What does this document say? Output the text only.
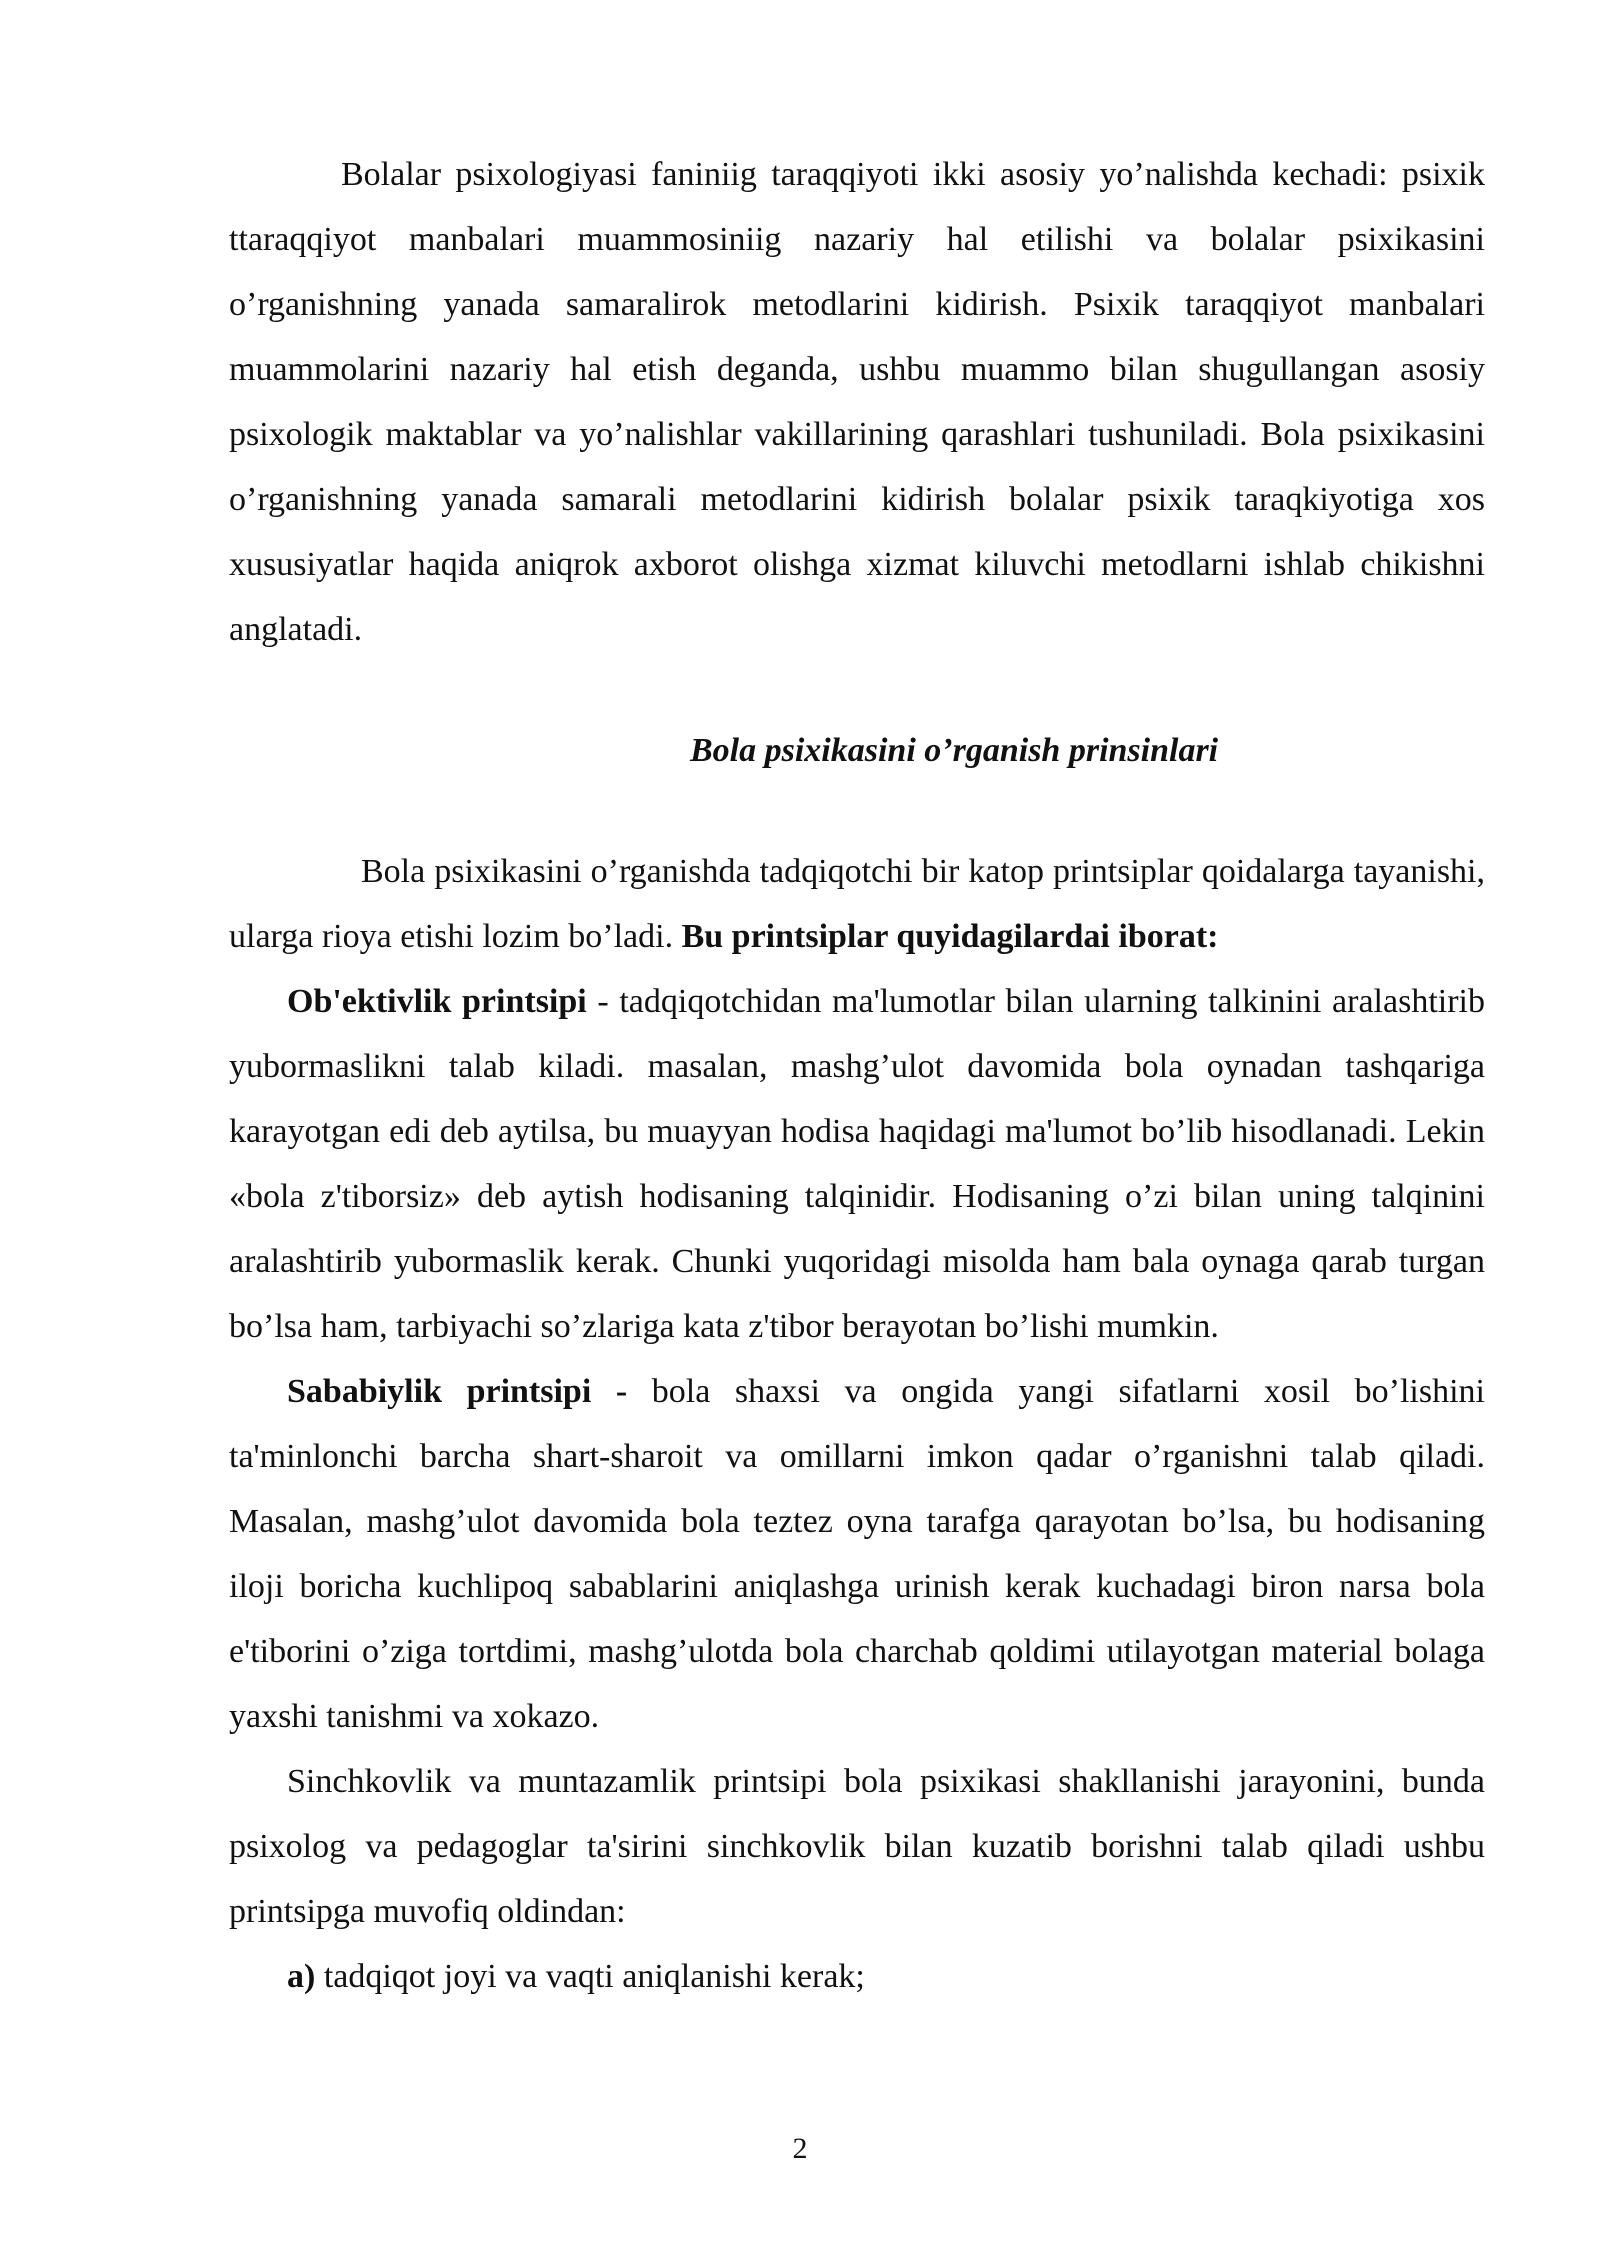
Bolalar psixologiyasi faniniig taraqqiyoti ikki asosiy yo’nalishda kechadi: psixik ttaraqqiyot manbalari muammosiniig nazariy hal etilishi va bolalar psixikasini o’rganishning yanada samaralirok metodlarini kidirish. Psixik taraqqiyot manbalari muammolarini nazariy hal etish deganda, ushbu muammo bilan shugullangan asosiy psixologik maktablar va yo’nalishlar vakillarining qarashlari tushuniladi. Bola psixikasini o’rganishning yanada samarali metodlarini kidirish bolalar psixik taraqkiyotiga xos xususiyatlar haqida aniqrok axborot olishga xizmat kiluvchi metodlarni ishlab chikishni anglatadi.

Bola psixikasini o’rganish prinsinlari

Bola psixikasini o’rganishda tadqiqotchi bir katop printsiplar qoidalarga tayanishi, ularga rioya etishi lozim bo’ladi. Bu printsiplar quyidagilardai iborat:

Ob'ektivlik printsipi - tadqiqotchidan ma'lumotlar bilan ularning talkinini aralashtirib yubormaslikni talab kiladi. masalan, mashg’ulot davomida bola oynadan tashqariga karayotgan edi deb aytilsa, bu muayyan hodisa haqidagi ma'lumot bo’lib hisodlanadi. Lekin «bola z'tiborsiz» deb aytish hodisaning talqinidir. Hodisaning o’zi bilan uning talqinini aralashtirib yubormaslik kerak. Chunki yuqoridagi misolda ham bala oynaga qarab turgan bo’lsa ham, tarbiyachi so’zlariga kata z'tibor berayotan bo’lishi mumkin.

Sababiylik printsipi - bola shaxsi va ongida yangi sifatlarni xosil bo’lishini ta'minlonchi barcha shart-sharoit va omillarni imkon qadar o’rganishni talab qiladi. Masalan, mashg’ulot davomida bola teztez oyna tarafga qarayotan bo’lsa, bu hodisaning iloji boricha kuchlipoq sabablarini aniqlashga urinish kerak kuchadagi biron narsa bola e'tiborini o’ziga tortdimi, mashg’ulotda bola charchab qoldimi utilayotgan material bolaga yaxshi tanishmi va xokazo.

Sinchkovlik va muntazamlik printsipi bola psixikasi shakllanishi jarayonini, bunda psixolog va pedagoglar ta'sirini sinchkovlik bilan kuzatib borishni talab qiladi ushbu printsipga muvofiq oldindan:

a) tadqiqot joyi va vaqti aniqlanishi kerak;

2
